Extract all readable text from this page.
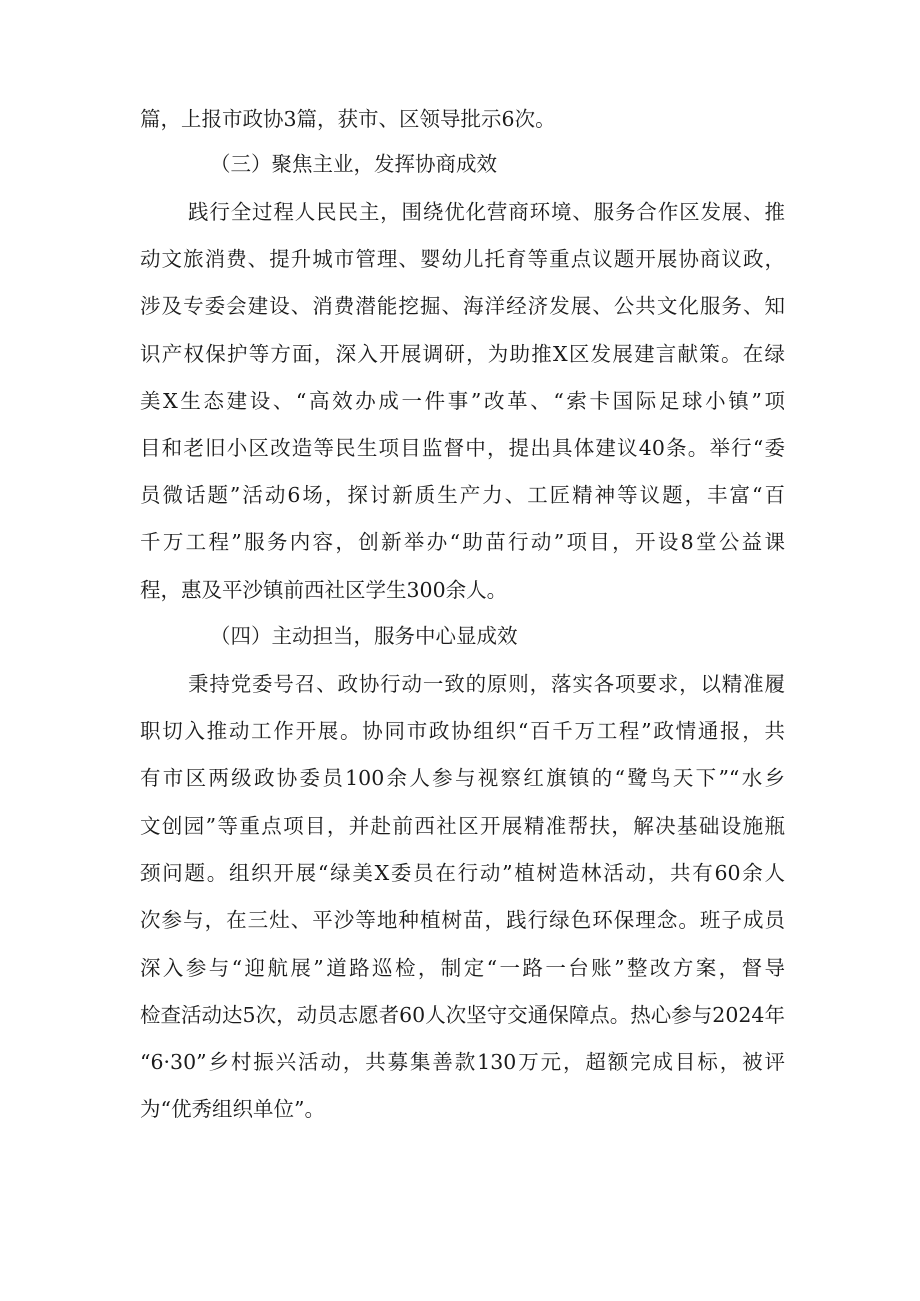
篇，上报市政协3篇，获市、区领导批示6次。

（三）聚焦主业，发挥协商成效

践行全过程人民民主，围绕优化营商环境、服务合作区发展、推

动文旅消费、提升城市管理、婴幼儿托育等重点议题开展协商议政，

涉及专委会建设、消费潜能挖掘、海洋经济发展、公共文化服务、知

识产权保护等方面，深入开展调研，为助推X区发展建言献策。在绿

美X生态建设、“高效办成一件事”改革、“索卡国际足球小镇”项

目和老旧小区改造等民生项目监督中，提出具体建议40条。举行“委

员微话题”活动6场，探讨新质生产力、工匠精神等议题，丰富“百

千万工程”服务内容，创新举办“助苗行动”项目，开设8堂公益课

程，惠及平沙镇前西社区学生300余人。

（四）主动担当，服务中心显成效

秉持党委号召、政协行动一致的原则，落实各项要求，以精准履

职切入推动工作开展。协同市政协组织“百千万工程”政情通报，共

有市区两级政协委员100余人参与视察红旗镇的“鹭鸟天下”“水乡

文创园”等重点项目，并赴前西社区开展精准帮扶，解决基础设施瓶

颈问题。组织开展“绿美X委员在行动”植树造林活动，共有60余人

次参与，在三灶、平沙等地种植树苗，践行绿色环保理念。班子成员

深入参与“迎航展”道路巡检，制定“一路一台账”整改方案，督导

检查活动达5次，动员志愿者60人次坚守交通保障点。热心参与2024年

“6·30”乡村振兴活动，共募集善款130万元，超额完成目标，被评

为“优秀组织单位”。
